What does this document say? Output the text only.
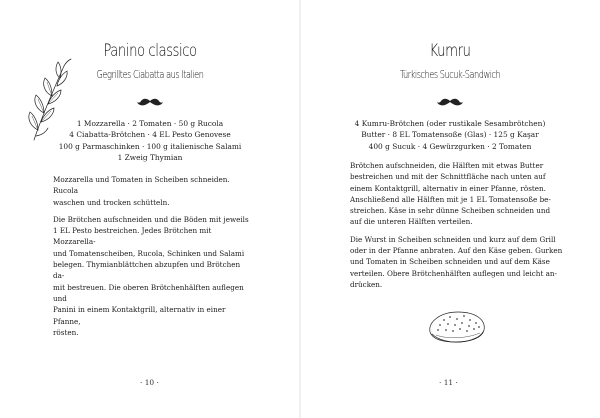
Panino classico
Gegrilltes Ciabatta aus Italien
1 Mozzarella · 2 Tomaten · 50 g Rucola
4 Ciabatta-Brötchen · 4 EL Pesto Genovese
100 g Parmaschinken · 100 g italienische Salami
1 Zweig Thymian

Mozzarella und Tomaten in Scheiben schneiden. Rucola
waschen und trocken schütteln.

Die Brötchen aufschneiden und die Böden mit jeweils
1 EL Pesto bestreichen. Jedes Brötchen mit Mozzarella-
und Tomatenscheiben, Rucola, Schinken und Salami
belegen. Thymianblättchen abzupfen und Brötchen da-
mit bestreuen. Die oberen Brötchenhälften auflegen und
Panini in einem Kontaktgrill, alternativ in einer Pfanne,
rösten.

· 10 ·
Kumru
Türkisches Sucuk-Sandwich
4 Kumru-Brötchen (oder rustikale Sesambrötchen)
Butter · 8 EL Tomatensoße (Glas) · 125 g Kaşar
400 g Sucuk · 4 Gewürzgurken · 2 Tomaten

Brötchen aufschneiden, die Hälften mit etwas Butter
bestreichen und mit der Schnittfläche nach unten auf
einem Kontaktgrill, alternativ in einer Pfanne, rösten.
Anschließend alle Hälften mit je 1 EL Tomatensoße be-
streichen. Käse in sehr dünne Scheiben schneiden und
auf die unteren Hälften verteilen.

Die Wurst in Scheiben schneiden und kurz auf dem Grill
oder in der Pfanne anbraten. Auf den Käse geben. Gurken
und Tomaten in Scheiben schneiden und auf dem Käse
verteilen. Obere Brötchenhälften auflegen und leicht an-
drücken.

· 11 ·
